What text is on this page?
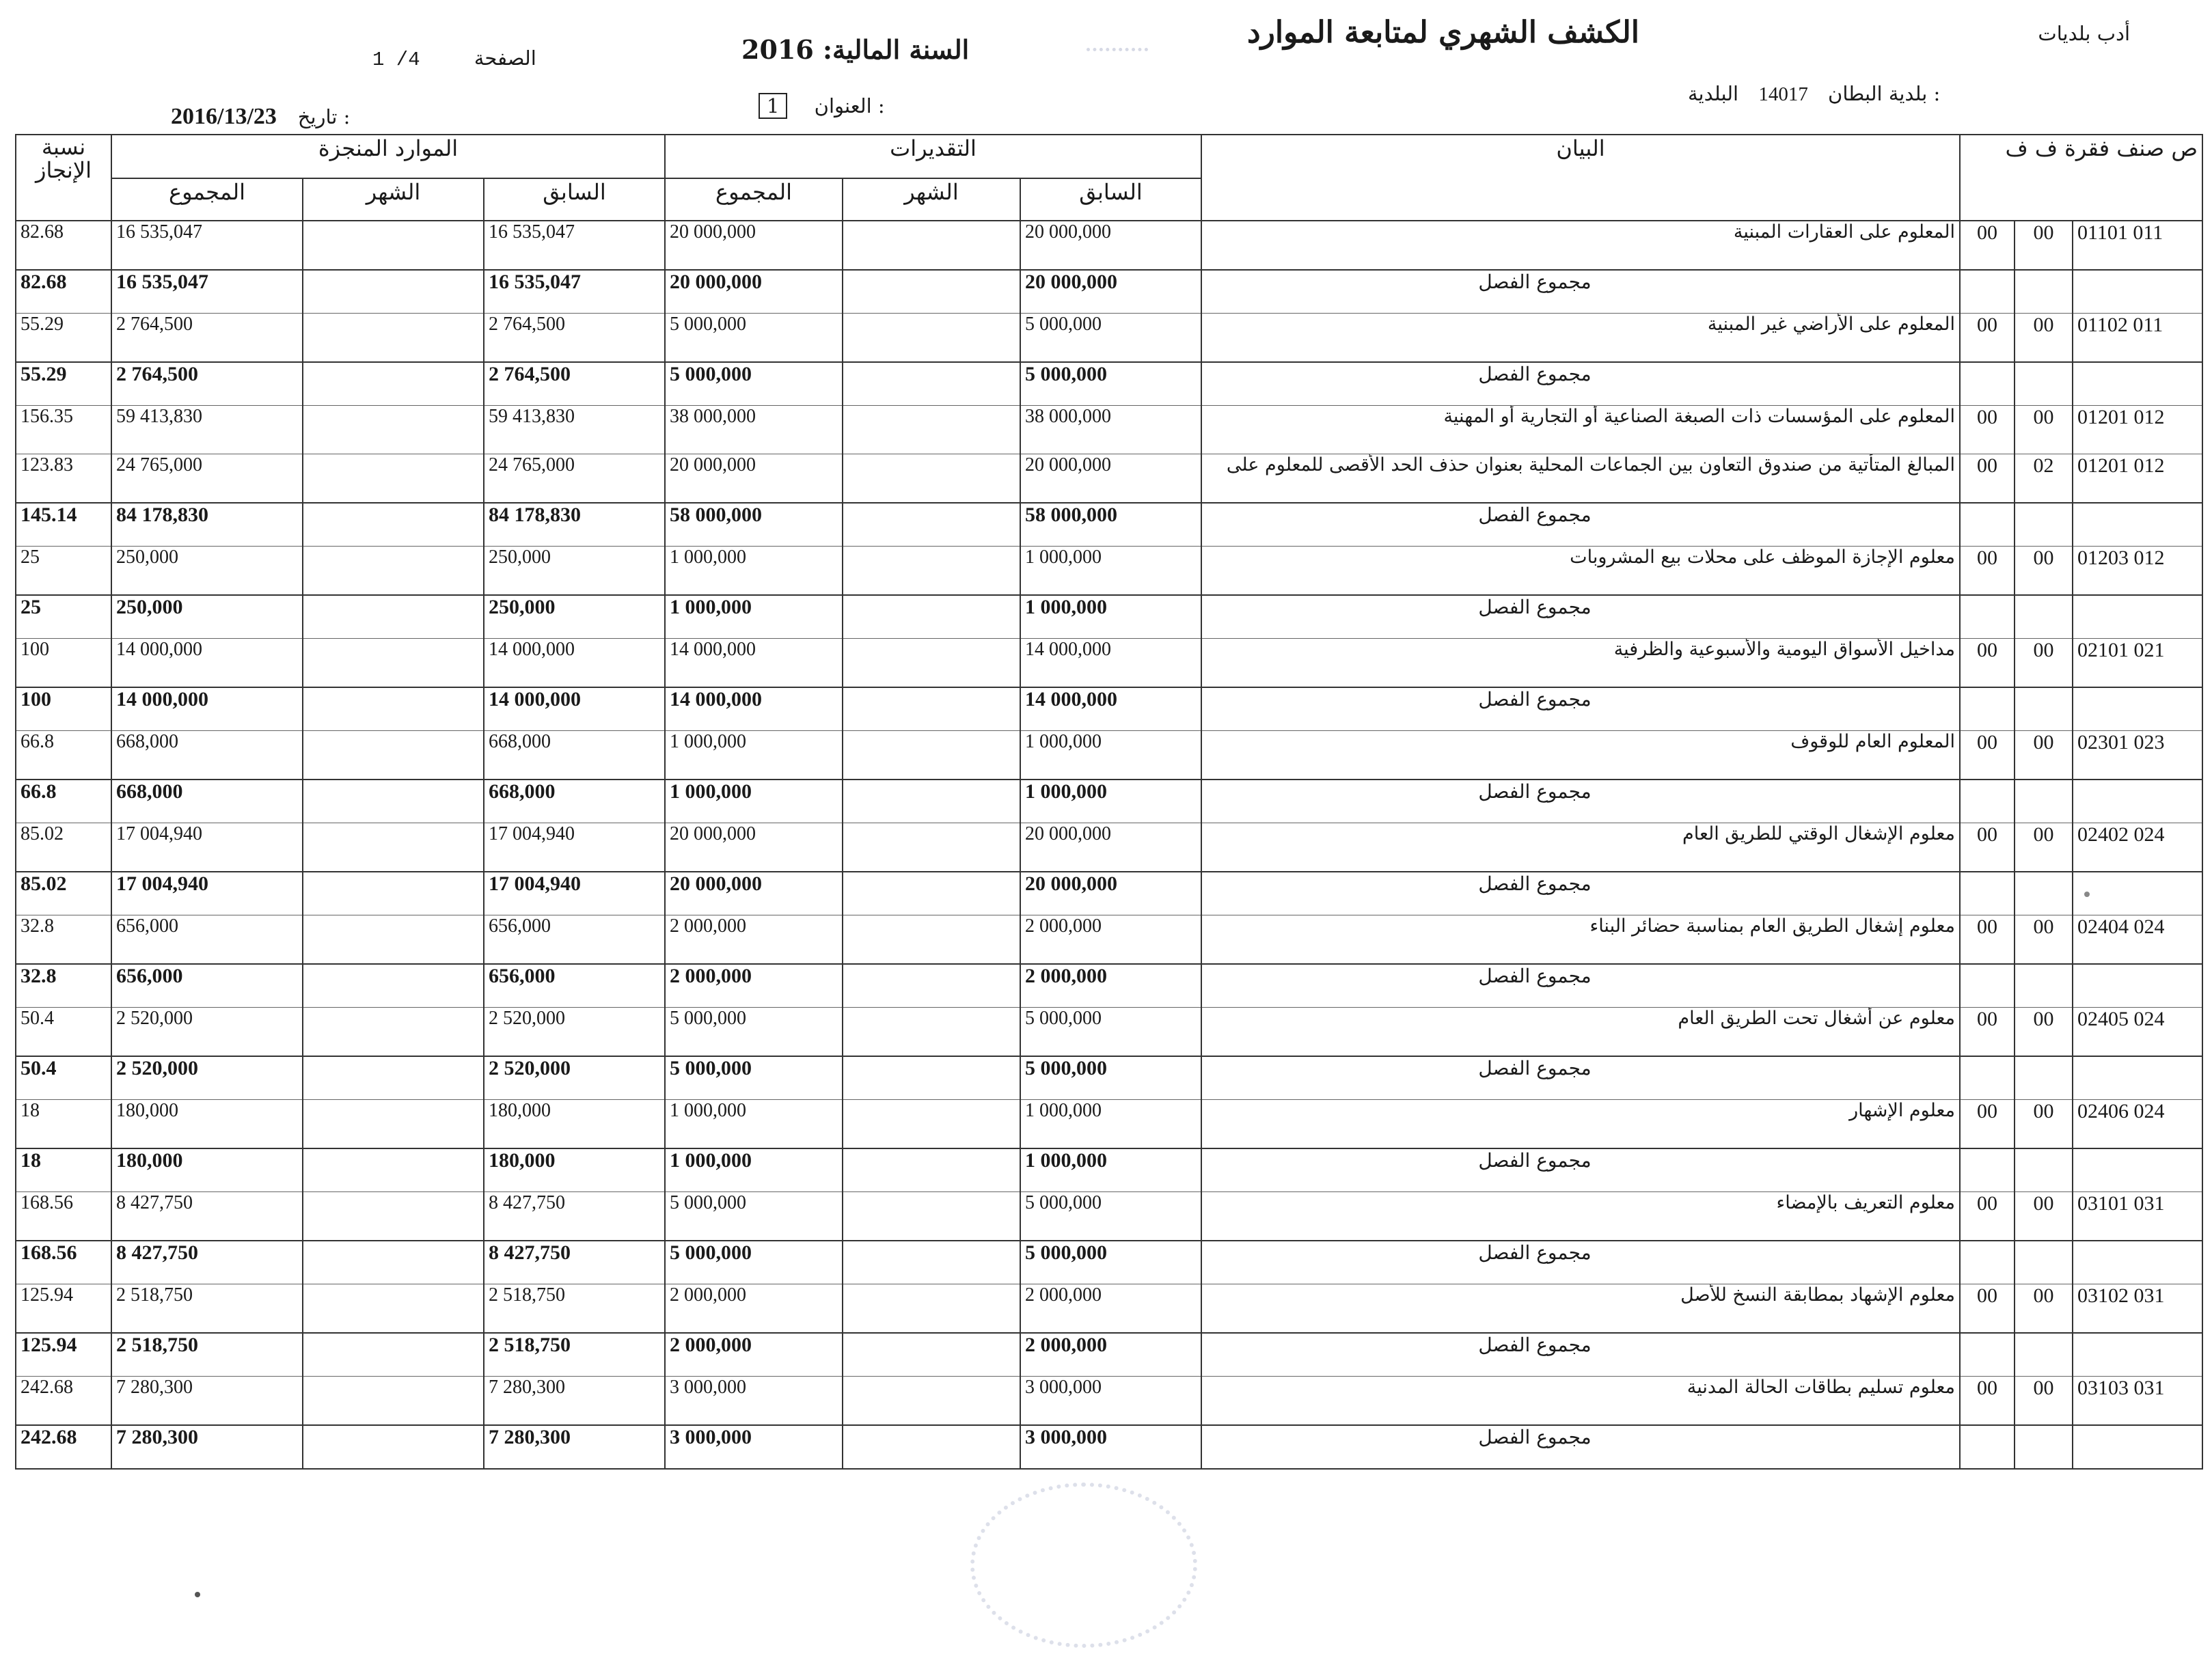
أدب بلديات
الكشف الشهري لمتابعة الموارد
السنة المالية: 2016
1 /4	الصفحة
بلدية البطان 14017 البلدية :
1 العنوان :
2016/13/23 تاريخ :
نسبة الإنجاز	الموارد المنجزة			التقديرات			البيان	ص صنف فقرة ف ف		
	المجموع	الشهر	السابق	المجموع	الشهر	السابق				
82.68	16 535,047		16 535,047	20 000,000		20 000,000	المعلوم على العقارات المبنية	00	00	01101 011
82.68	16 535,047		16 535,047	20 000,000		20 000,000	مجموع الفصل			
55.29	2 764,500		2 764,500	5 000,000		5 000,000	المعلوم على الأراضي غير المبنية	00	00	01102 011
55.29	2 764,500		2 764,500	5 000,000		5 000,000	مجموع الفصل			
156.35	59 413,830		59 413,830	38 000,000		38 000,000	المعلوم على المؤسسات ذات الصبغة الصناعية أو التجارية أو المهنية	00	00	01201 012
123.83	24 765,000		24 765,000	20 000,000		20 000,000	المبالغ المتأتية من صندوق التعاون بين الجماعات المحلية بعنوان حذف الحد الأقصى للمعلوم على	00	02	01201 012
145.14	84 178,830		84 178,830	58 000,000		58 000,000	مجموع الفصل			
25	250,000		250,000	1 000,000		1 000,000	معلوم الإجازة الموظف على محلات بيع المشروبات	00	00	01203 012
25	250,000		250,000	1 000,000		1 000,000	مجموع الفصل			
100	14 000,000		14 000,000	14 000,000		14 000,000	مداخيل الأسواق اليومية والأسبوعية والظرفية	00	00	02101 021
100	14 000,000		14 000,000	14 000,000		14 000,000	مجموع الفصل			
66.8	668,000		668,000	1 000,000		1 000,000	المعلوم العام للوقوف	00	00	02301 023
66.8	668,000		668,000	1 000,000		1 000,000	مجموع الفصل			
85.02	17 004,940		17 004,940	20 000,000		20 000,000	معلوم الإشغال الوقتي للطريق العام	00	00	02402 024
85.02	17 004,940		17 004,940	20 000,000		20 000,000	مجموع الفصل			
32.8	656,000		656,000	2 000,000		2 000,000	معلوم إشغال الطريق العام بمناسبة حضائر البناء	00	00	02404 024
32.8	656,000		656,000	2 000,000		2 000,000	مجموع الفصل			
50.4	2 520,000		2 520,000	5 000,000		5 000,000	معلوم عن أشغال تحت الطريق العام	00	00	02405 024
50.4	2 520,000		2 520,000	5 000,000		5 000,000	مجموع الفصل			
18	180,000		180,000	1 000,000		1 000,000	معلوم الإشهار	00	00	02406 024
18	180,000		180,000	1 000,000		1 000,000	مجموع الفصل			
168.56	8 427,750		8 427,750	5 000,000		5 000,000	معلوم التعريف بالإمضاء	00	00	03101 031
168.56	8 427,750		8 427,750	5 000,000		5 000,000	مجموع الفصل			
125.94	2 518,750		2 518,750	2 000,000		2 000,000	معلوم الإشهاد بمطابقة النسخ للأصل	00	00	03102 031
125.94	2 518,750		2 518,750	2 000,000		2 000,000	مجموع الفصل			
242.68	7 280,300		7 280,300	3 000,000		3 000,000	معلوم تسليم بطاقات الحالة المدنية	00	00	03103 031
242.68	7 280,300		7 280,300	3 000,000		3 000,000	مجموع الفصل			
